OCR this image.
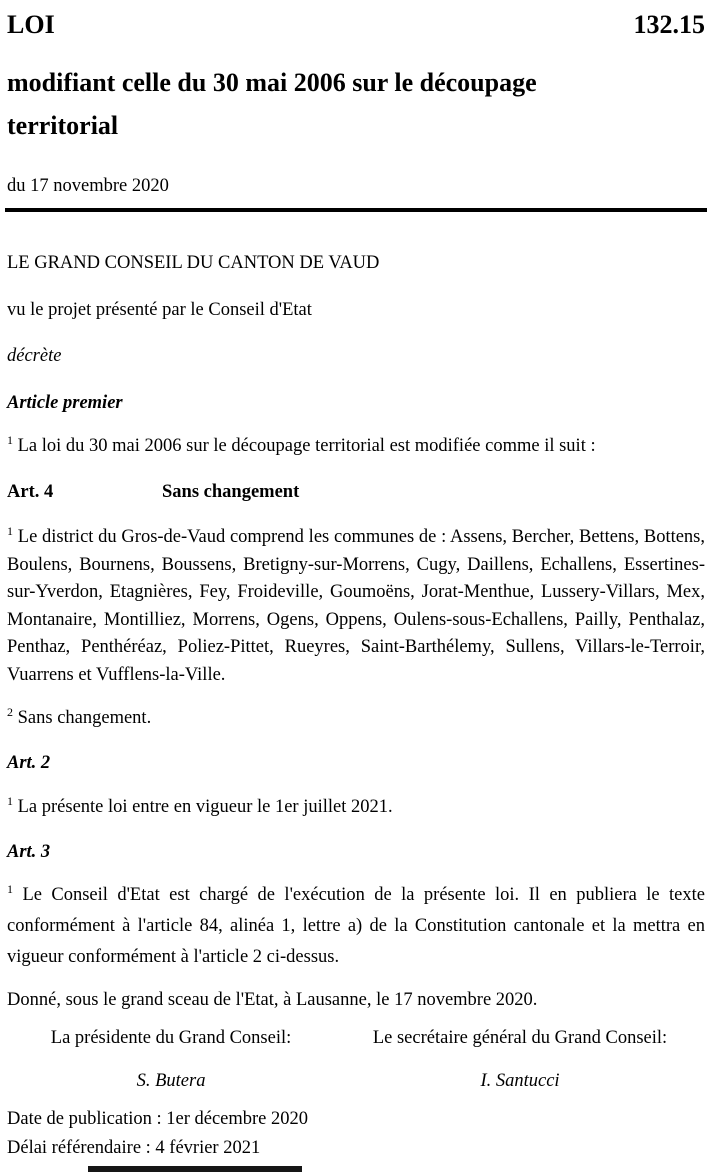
LOI	132.15
modifiant celle du 30 mai 2006 sur le découpage territorial

du 17 novembre 2020

LE GRAND CONSEIL DU CANTON DE VAUD

vu le projet présenté par le Conseil d'Etat

décrète

Article premier

$^1$ La loi du 30 mai 2006 sur le découpage territorial est modifiée comme il suit :

Art. 4	Sans changement

$^1$ Le district du Gros-de-Vaud comprend les communes de : Assens, Bercher, Bettens, Bottens, Boulens, Bournens, Boussens, Bretigny-sur-Morrens, Cugy, Daillens, Echallens, Essertines-sur-Yverdon, Etagnières, Fey, Froideville, Goumoëns, Jorat-Menthue, Lussery-Villars, Mex, Montanaire, Montilliez, Morrens, Ogens, Oppens, Oulens-sous-Echallens, Pailly, Penthalaz, Penthaz, Penthéréaz, Poliez-Pittet, Rueyres, Saint-Barthélemy, Sullens, Villars-le-Terroir, Vuarrens et Vufflens-la-Ville.

$^2$ Sans changement.

Art. 2

$^1$ La présente loi entre en vigueur le 1er juillet 2021.

Art. 3

$^1$ Le Conseil d'Etat est chargé de l'exécution de la présente loi. Il en publiera le texte conformément à l'article 84, alinéa 1, lettre a) de la Constitution cantonale et la mettra en vigueur conformément à l'article 2 ci-dessus.

Donné, sous le grand sceau de l'Etat, à Lausanne, le 17 novembre 2020.

La présidente du Grand Conseil:

S. Butera

Le secrétaire général du Grand Conseil:

I. Santucci

Date de publication : 1er décembre 2020

Délai référendaire : 4 février 2021
